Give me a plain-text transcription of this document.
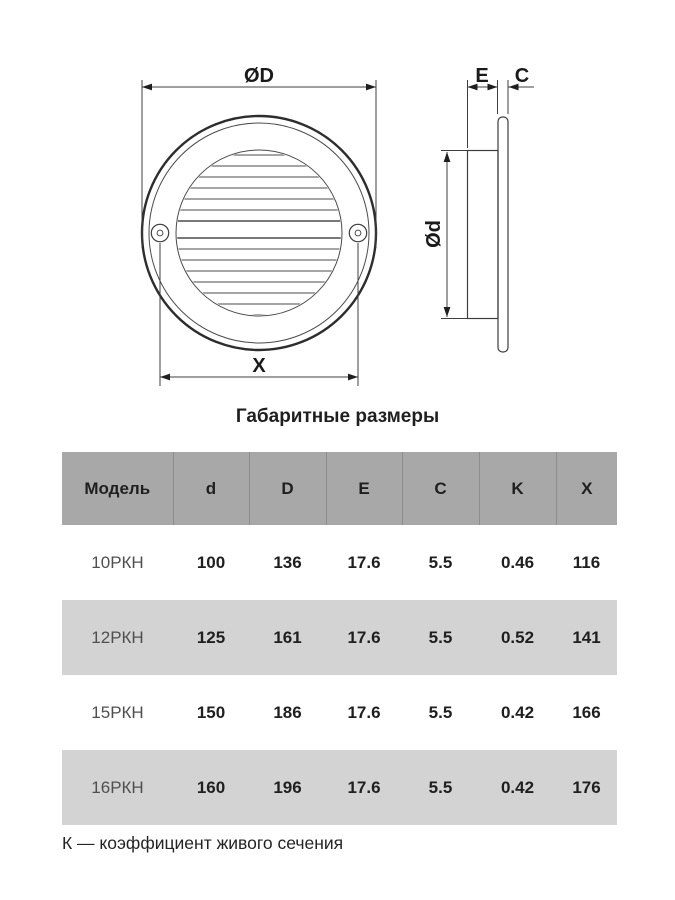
ØD
X
E C
Ød
Габаритные размеры
Модель	d	D	E	C	K	X
10РКН	100	136	17.6	5.5	0.46	116
12РКН	125	161	17.6	5.5	0.52	141
15РКН	150	186	17.6	5.5	0.42	166
16РКН	160	196	17.6	5.5	0.42	176
К — коэффициент живого сечения
